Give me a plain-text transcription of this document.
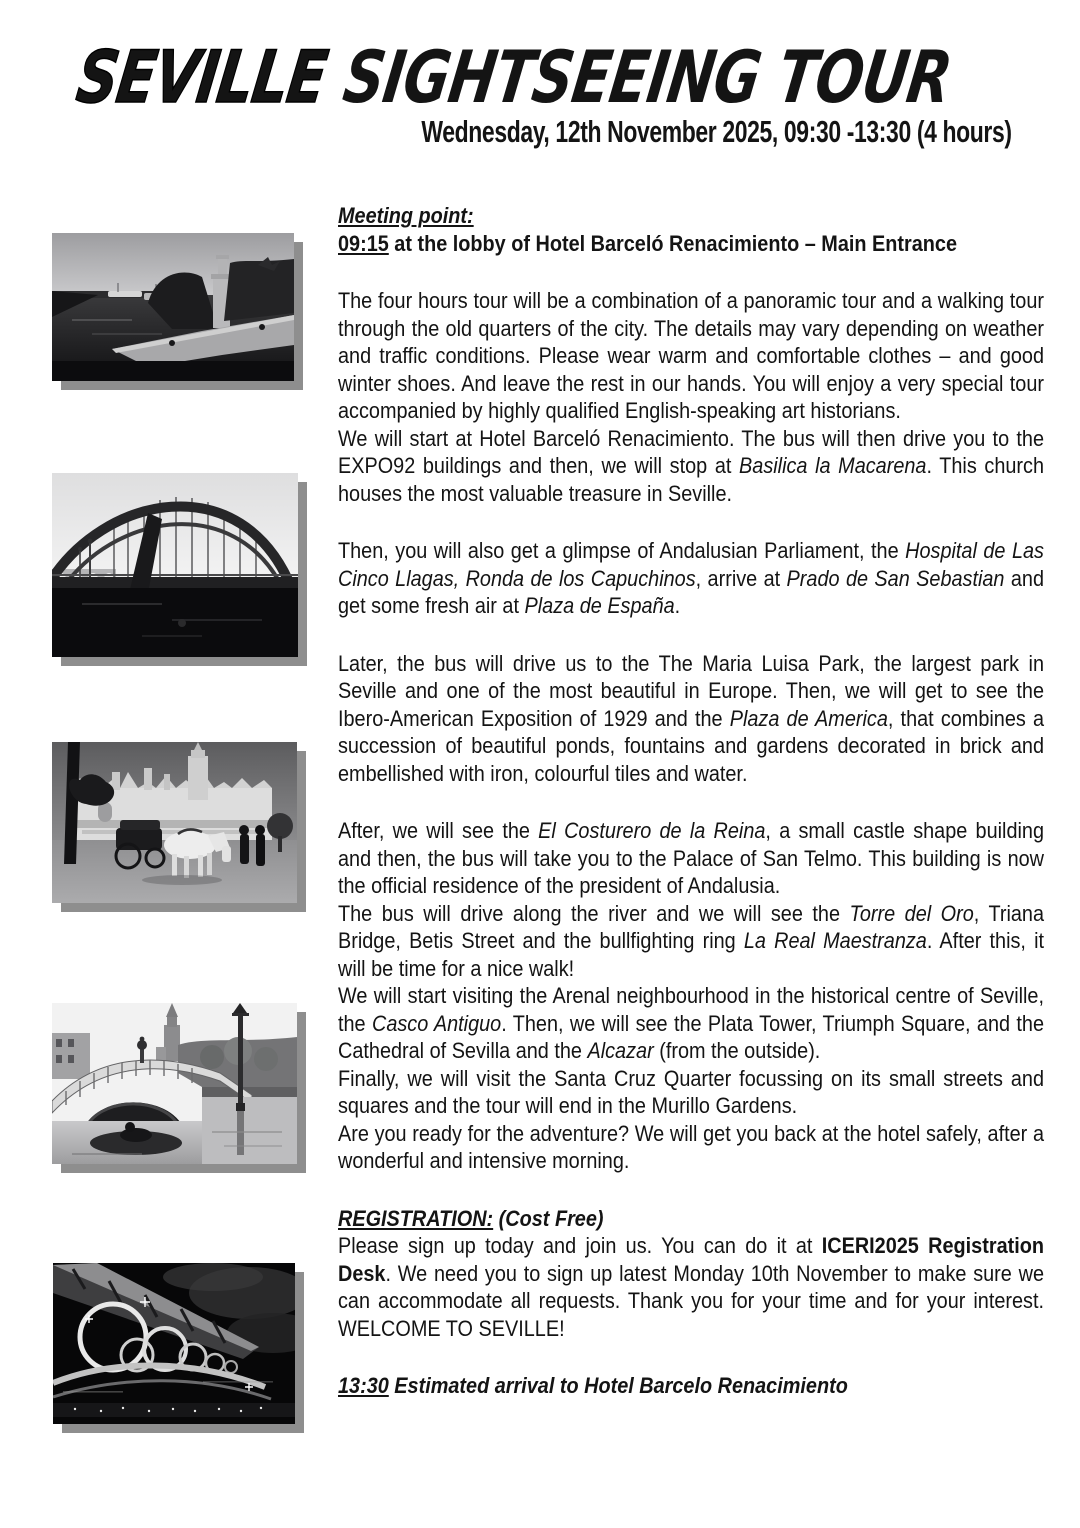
SEVILLE SIGHTSEEING TOUR
Wednesday, 12th November 2025, 09:30 -13:30 (4 hours)

Meeting point:

09:15 at the lobby of Hotel Barceló Renacimiento – Main Entrance

The four hours tour will be a combination of a panoramic tour and a walking tour through the old quarters of the city. The details may vary depending on weather and traffic conditions. Please wear warm and comfortable clothes – and good winter shoes. And leave the rest in our hands. You will enjoy a very special tour accompanied by highly qualified English-speaking art historians.

We will start at Hotel Barceló Renacimiento. The bus will then drive you to the EXPO92 buildings and then, we will stop at Basilica la Macarena. This church houses the most valuable treasure in Seville.

Then, you will also get a glimpse of Andalusian Parliament, the Hospital de Las Cinco Llagas, Ronda de los Capuchinos, arrive at Prado de San Sebastian and get some fresh air at Plaza de España.

Later, the bus will drive us to the The Maria Luisa Park, the largest park in Seville and one of the most beautiful in Europe. Then, we will get to see the Ibero-American Exposition of 1929 and the Plaza de America, that combines a succession of beautiful ponds, fountains and gardens decorated in brick and embellished with iron, colourful tiles and water.

After, we will see the El Costurero de la Reina, a small castle shape building and then, the bus will take you to the Palace of San Telmo. This building is now the official residence of the president of Andalusia.

The bus will drive along the river and we will see the Torre del Oro, Triana Bridge, Betis Street and the bullfighting ring La Real Maestranza. After this, it will be time for a nice walk!

We will start visiting the Arenal neighbourhood in the historical centre of Seville, the Casco Antiguo. Then, we will see the Plata Tower, Triumph Square, and the Cathedral of Sevilla and the Alcazar (from the outside).

Finally, we will visit the Santa Cruz Quarter focussing on its small streets and squares and the tour will end in the Murillo Gardens.

Are you ready for the adventure? We will get you back at the hotel safely, after a wonderful and intensive morning.

REGISTRATION: (Cost Free)

Please sign up today and join us. You can do it at ICERI2025 Registration Desk. We need you to sign up latest Monday 10th November to make sure we can accommodate all requests. Thank you for your time and for your interest. WELCOME TO SEVILLE!

13:30 Estimated arrival to Hotel Barcelo Renacimiento
